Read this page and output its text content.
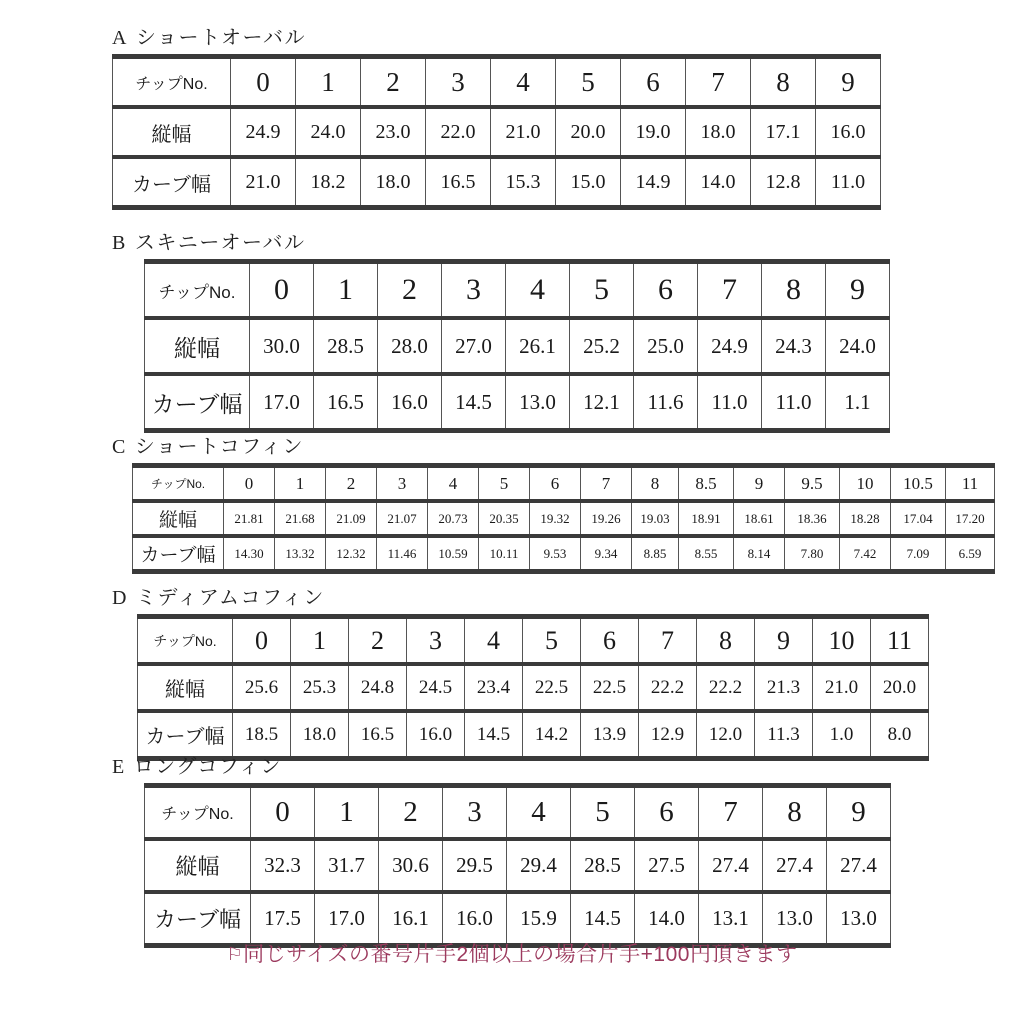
A ショートオーバル
チップNo.	0	1	2	3	4	5	6	7	8	9
縦幅	24.9	24.0	23.0	22.0	21.0	20.0	19.0	18.0	17.1	16.0
カーブ幅	21.0	18.2	18.0	16.5	15.3	15.0	14.9	14.0	12.8	11.0
B スキニーオーバル
チップNo.	0	1	2	3	4	5	6	7	8	9
縦幅	30.0	28.5	28.0	27.0	26.1	25.2	25.0	24.9	24.3	24.0
カーブ幅	17.0	16.5	16.0	14.5	13.0	12.1	11.6	11.0	11.0	1.1
C ショートコフィン
チップNo.	0	1	2	3	4	5	6	7	8	8.5	9	9.5	10	10.5	11
縦幅	21.81	21.68	21.09	21.07	20.73	20.35	19.32	19.26	19.03	18.91	18.61	18.36	18.28	17.04	17.20
カーブ幅	14.30	13.32	12.32	11.46	10.59	10.11	9.53	9.34	8.85	8.55	8.14	7.80	7.42	7.09	6.59
D ミディアムコフィン
チップNo.	0	1	2	3	4	5	6	7	8	9	10	11
縦幅	25.6	25.3	24.8	24.5	23.4	22.5	22.5	22.2	22.2	21.3	21.0	20.0
カーブ幅	18.5	18.0	16.5	16.0	14.5	14.2	13.9	12.9	12.0	11.3	1.0	8.0
E ロングコフィン
チップNo.	0	1	2	3	4	5	6	7	8	9
縦幅	32.3	31.7	30.6	29.5	29.4	28.5	27.5	27.4	27.4	27.4
カーブ幅	17.5	17.0	16.1	16.0	15.9	14.5	14.0	13.1	13.0	13.0
⚐同じサイズの番号片手2個以上の場合片手+100円頂きます
